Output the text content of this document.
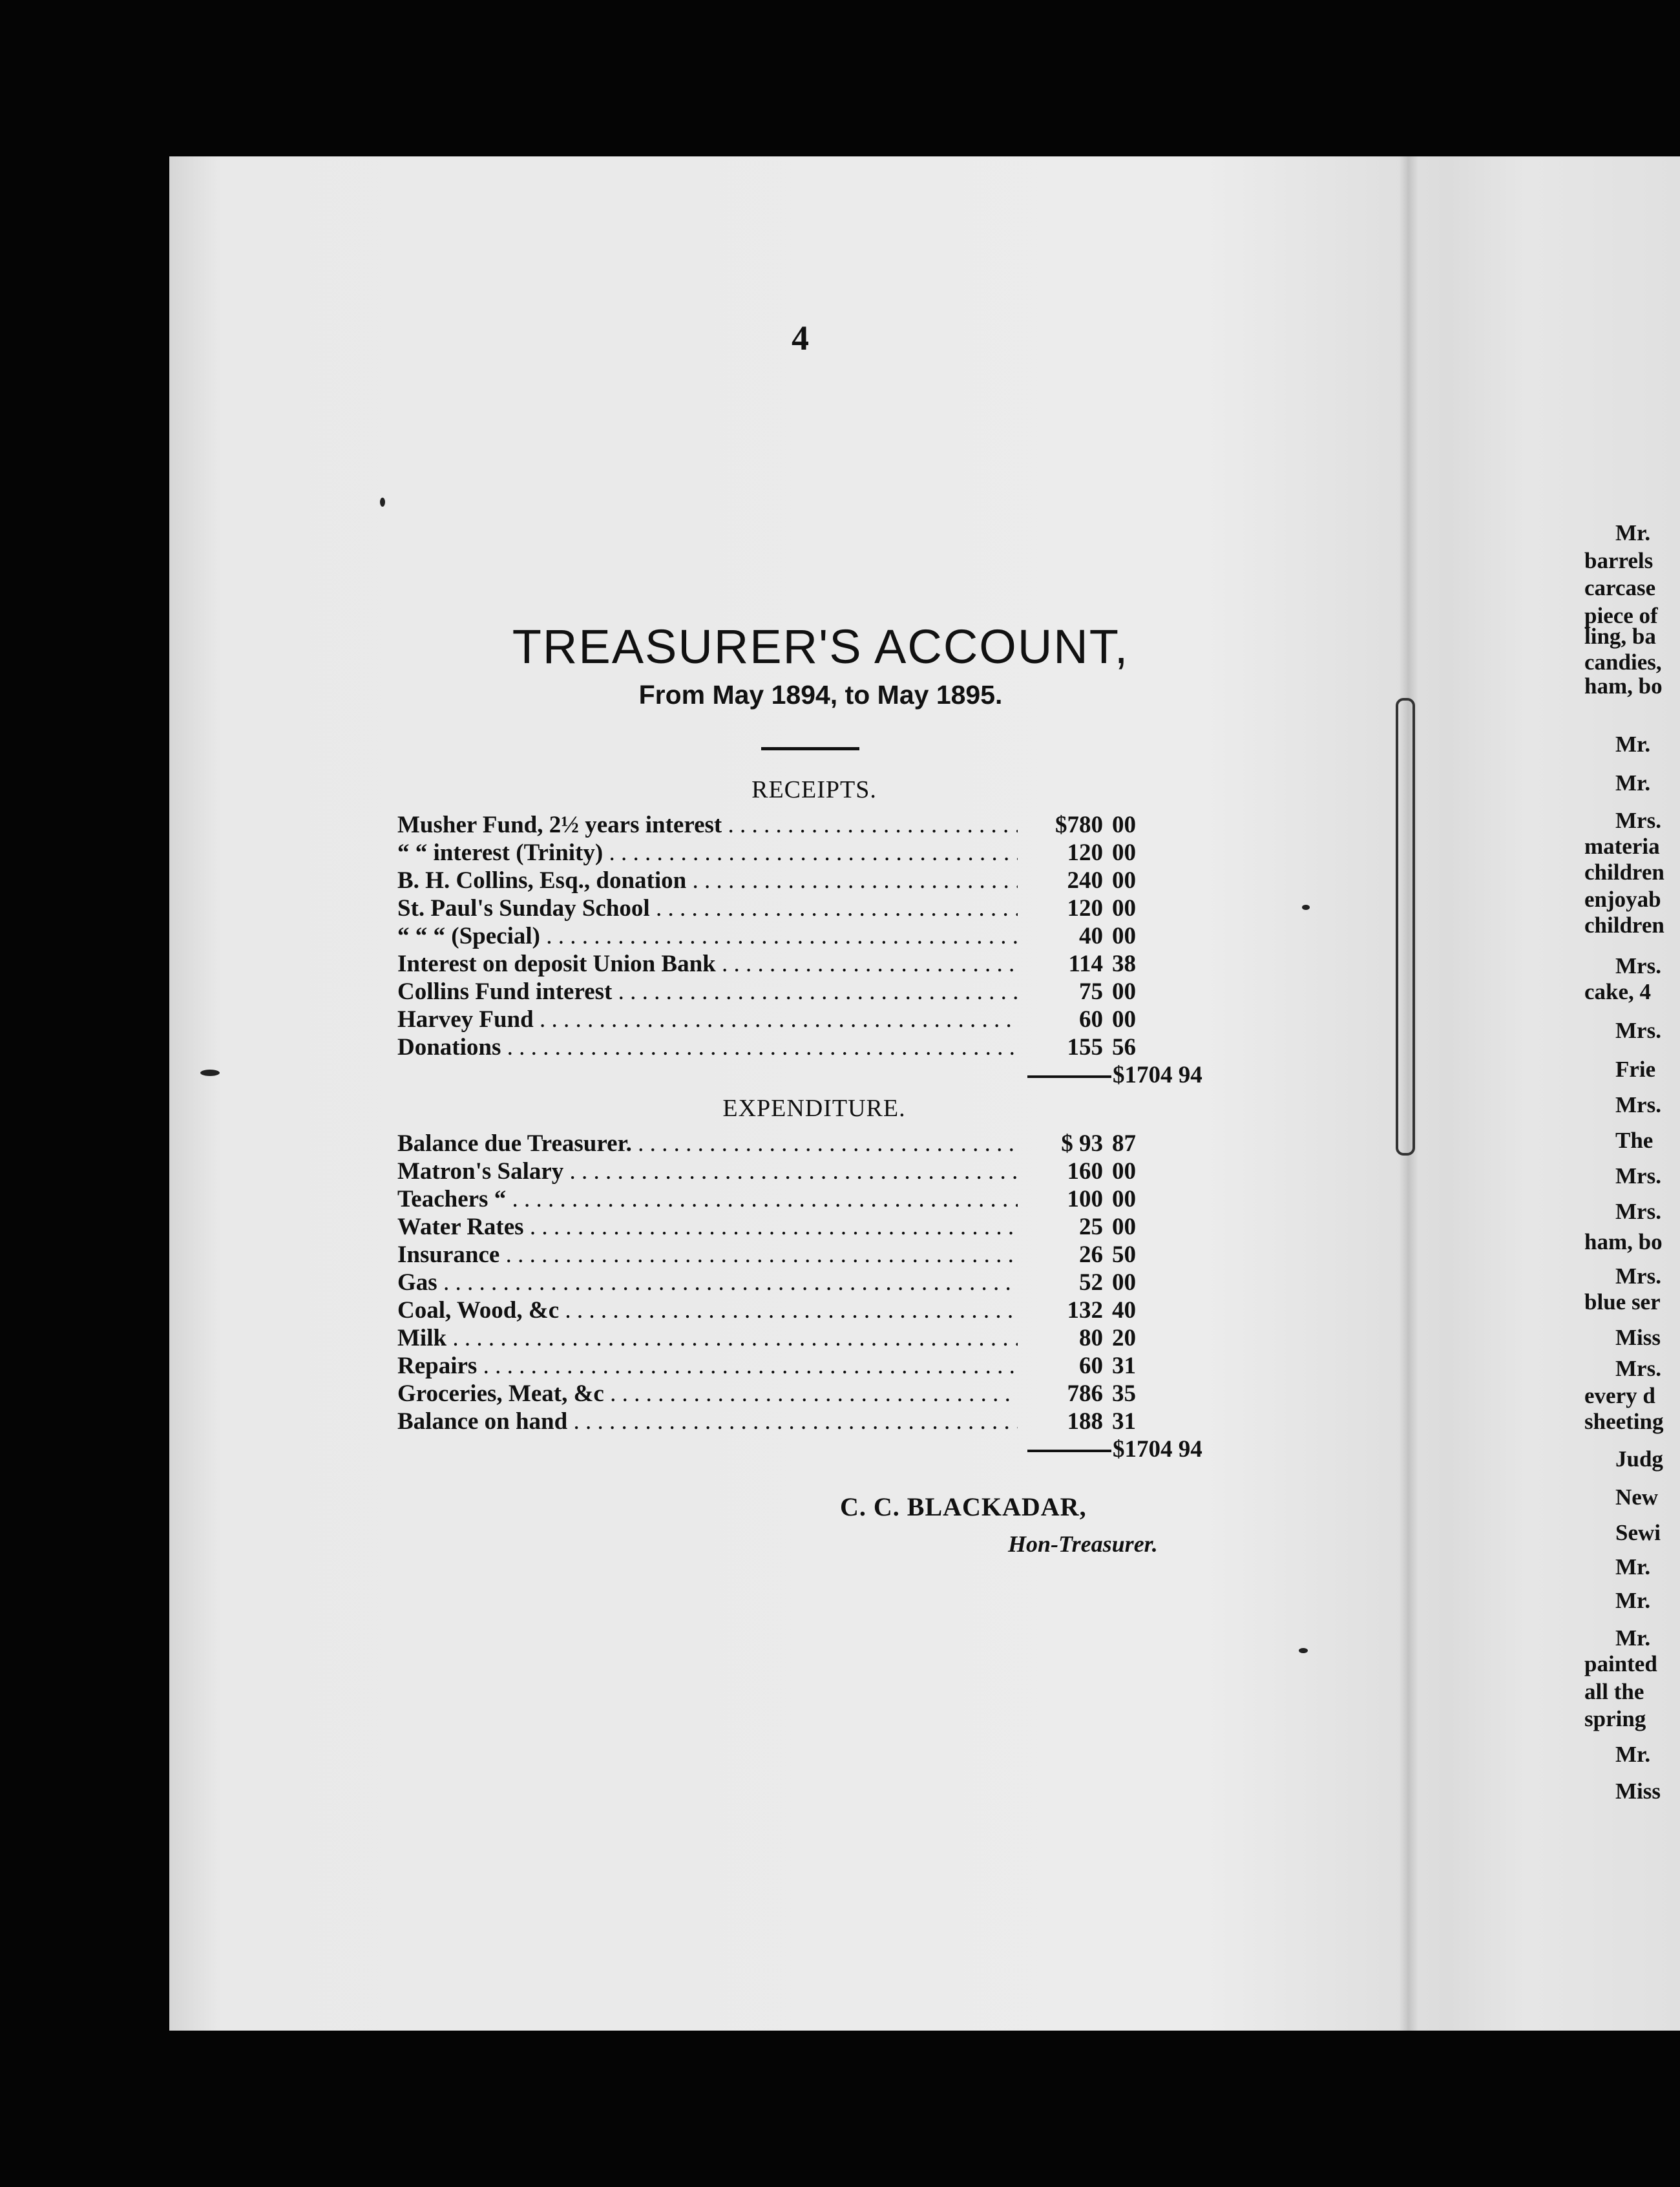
4
TREASURER'S ACCOUNT,
From May 1894, to May 1895.
RECEIPTS.
Musher Fund, 2½ years interest . . .	$780 00
“ “ interest (Trinity) . . .	120 00
B. H. Collins, Esq., donation . . .	240 00
St. Paul's Sunday School . . .	120 00
“ “ “ (Special) . . .	40 00
Interest on deposit Union Bank . . .	114 38
Collins Fund interest . . .	75 00
Harvey Fund . . .	60 00
Donations . . .	155 56
$1704 94
EXPENDITURE.
Balance due Treasurer. . . .	$ 93 87
Matron's Salary . . .	160 00
Teachers “ . . .	100 00
Water Rates . . .	25 00
Insurance . . .	26 50
Gas . . .	52 00
Coal, Wood, &c . . .	132 40
Milk . . .	80 20
Repairs . . .	60 31
Groceries, Meat, &c . . .	786 35
Balance on hand . . .	188 31
$1704 94
C. C. BLACKADAR,
Hon-Treasurer.
Mr.
barrels
carcase
piece of
ling, ba
candies,
ham, bo
Mr.
Mr.
Mrs.
materia
children
enjoyab
children
Mrs.
cake, 4
Mrs.
Frie
Mrs.
The
Mrs.
Mrs.
ham, bo
Mrs.
blue ser
Miss
Mrs.
every d
sheeting
Judg
New
Sewi
Mr.
Mr.
Mr.
painted
all the
spring
Mr.
Miss
